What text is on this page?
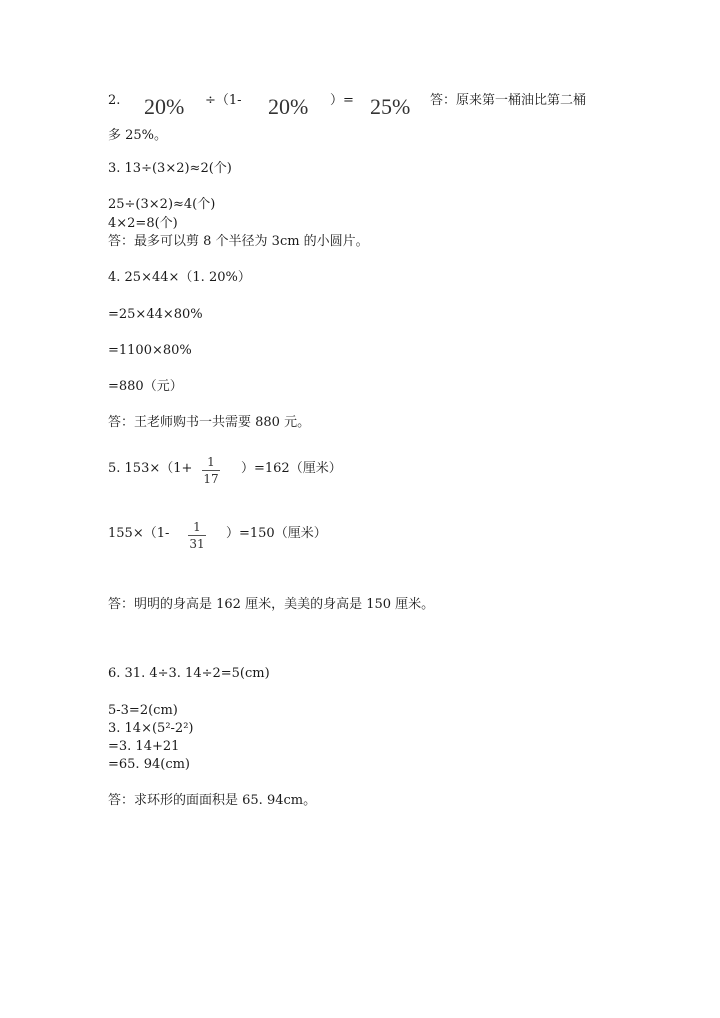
2. 20% ÷（1- 20% ）= 25% 答：原来第一桶油比第二桶
多 25%。
3. 13÷(3×2)≈2(个)
25÷(3×2)≈4(个)
4×2=8(个)
答：最多可以剪 8 个半径为 3cm 的小圆片。
4. 25×44×（1. 20%）
=25×44×80%
=1100×80%
=880（元）
答：王老师购书一共需要 880 元。
5. 153×（1+	1
17
）=162（厘米）
155×（1-	1
31
）=150（厘米）
答：明明的身高是 162 厘米，美美的身高是 150 厘米。
6. 31. 4÷3. 14÷2=5(cm)
5-3=2(cm)
3. 14×(5²-2²)
=3. 14+21
=65. 94(cm)
答：求环形的面面积是 65. 94cm。
